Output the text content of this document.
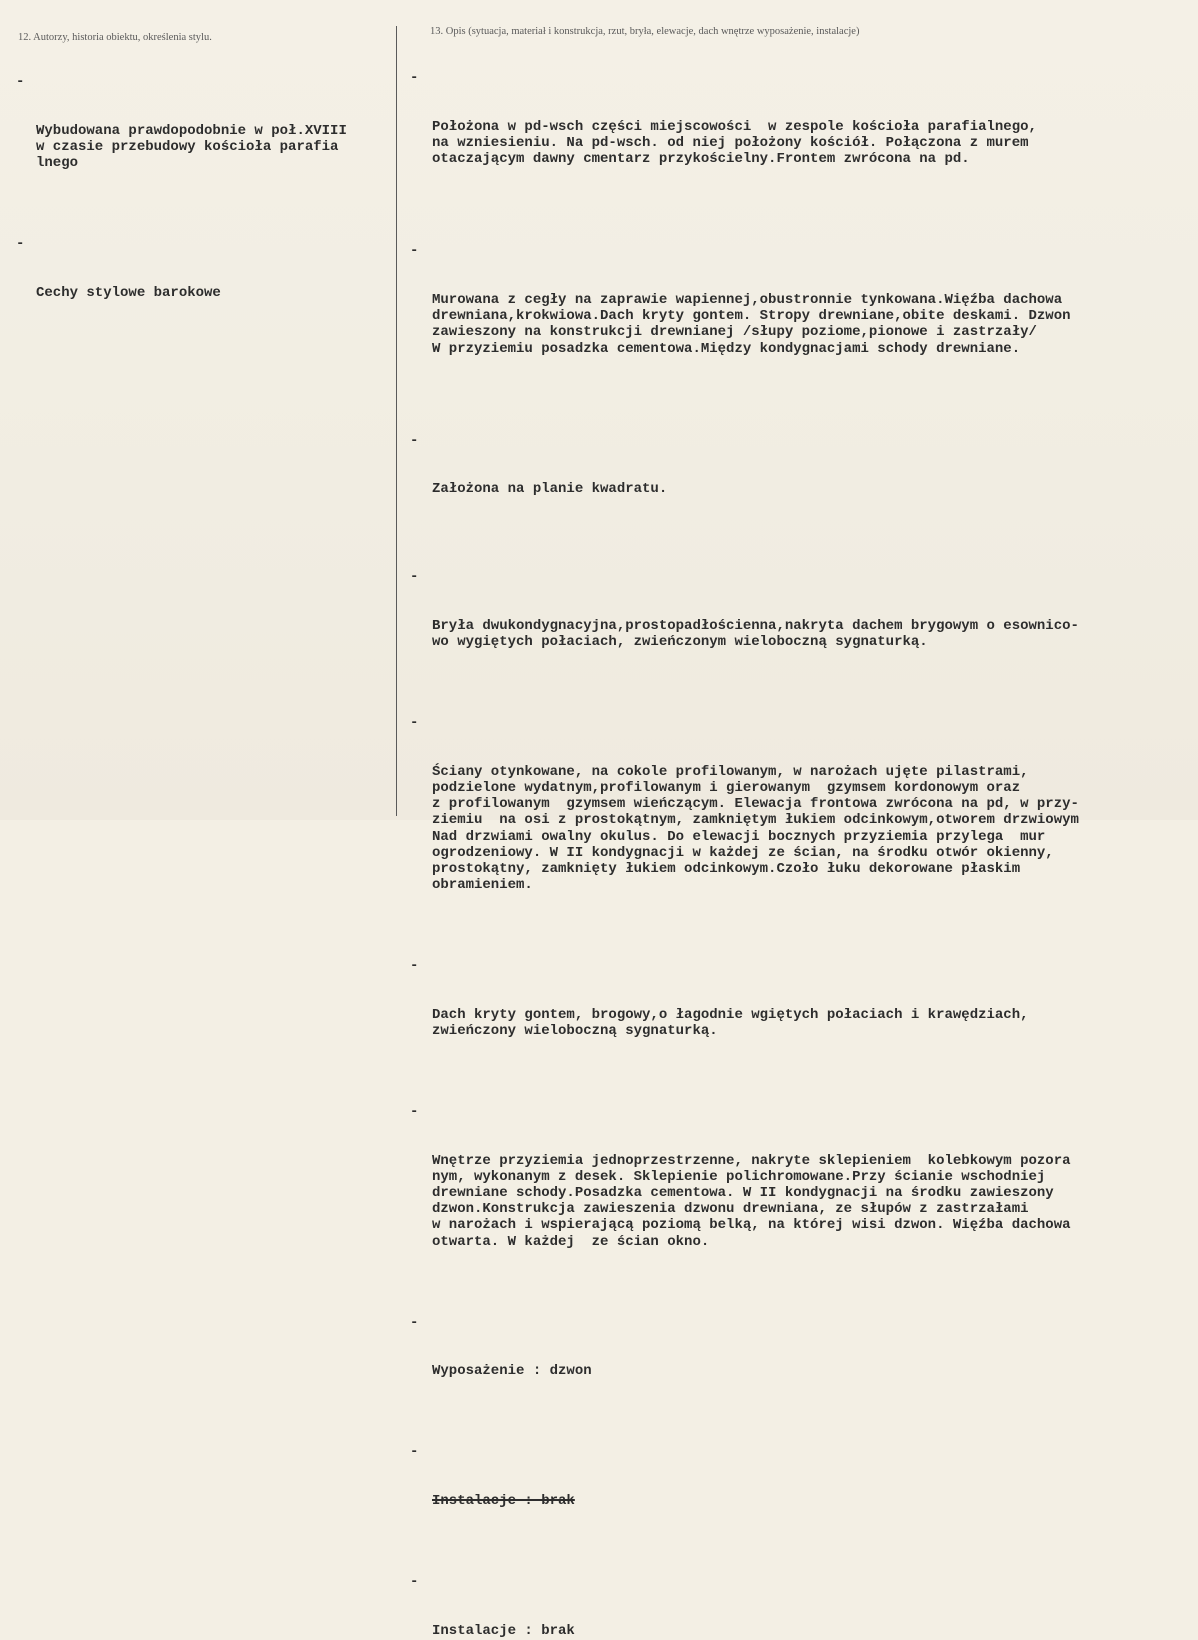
12. Autorzy, historia obiektu, określenia stylu.
13. Opis (sytuacja, materiał i konstrukcja, rzut, bryła, elewacje, dach wnętrze wyposażenie, instalacje)

-

Wybudowana prawdopodobnie w poł.XVIII
w czasie przebudowy kościoła parafia
lnego

-

Cechy stylowe barokowe

-

Położona w pd-wsch części miejscowości  w zespole kościoła parafialnego,
na wzniesieniu. Na pd-wsch. od niej położony kościół. Połączona z murem
otaczającym dawny cmentarz przykościelny.Frontem zwrócona na pd.

-

Murowana z cegły na zaprawie wapiennej,obustronnie tynkowana.Więźba dachowa
drewniana,krokwiowa.Dach kryty gontem. Stropy drewniane,obite deskami. Dzwon
zawieszony na konstrukcji drewnianej /słupy poziome,pionowe i zastrzały/
W przyziemiu posadzka cementowa.Między kondygnacjami schody drewniane.

-

Założona na planie kwadratu.

-

Bryła dwukondygnacyjna,prostopadłościenna,nakryta dachem brygowym o esownico-
wo wygiętych połaciach, zwieńczonym wieloboczną sygnaturką.

-

Ściany otynkowane, na cokole profilowanym, w narożach ujęte pilastrami,
podzielone wydatnym,profilowanym i gierowanym  gzymsem kordonowym oraz
z profilowanym  gzymsem wieńczącym. Elewacja frontowa zwrócona na pd, w przy-
ziemiu  na osi z prostokątnym, zamkniętym łukiem odcinkowym,otworem drzwiowym
Nad drzwiami owalny okulus. Do elewacji bocznych przyziemia przylega  mur
ogrodzeniowy. W II kondygnacji w każdej ze ścian, na środku otwór okienny,
prostokątny, zamknięty łukiem odcinkowym.Czoło łuku dekorowane płaskim
obramieniem.

-

Dach kryty gontem, brogowy,o łagodnie wgiętych połaciach i krawędziach,
zwieńczony wieloboczną sygnaturką.

-

Wnętrze przyziemia jednoprzestrzenne, nakryte sklepieniem  kolebkowym pozora
nym, wykonanym z desek. Sklepienie polichromowane.Przy ścianie wschodniej
drewniane schody.Posadzka cementowa. W II kondygnacji na środku zawieszony
dzwon.Konstrukcja zawieszenia dzwonu drewniana, ze słupów z zastrzałami
w narożach i wspierającą poziomą belką, na której wisi dzwon. Więźba dachowa
otwarta. W każdej  ze ścian okno.

-

Wyposażenie : dzwon

-

Instalacje : brak

-

Instalacje : brak
